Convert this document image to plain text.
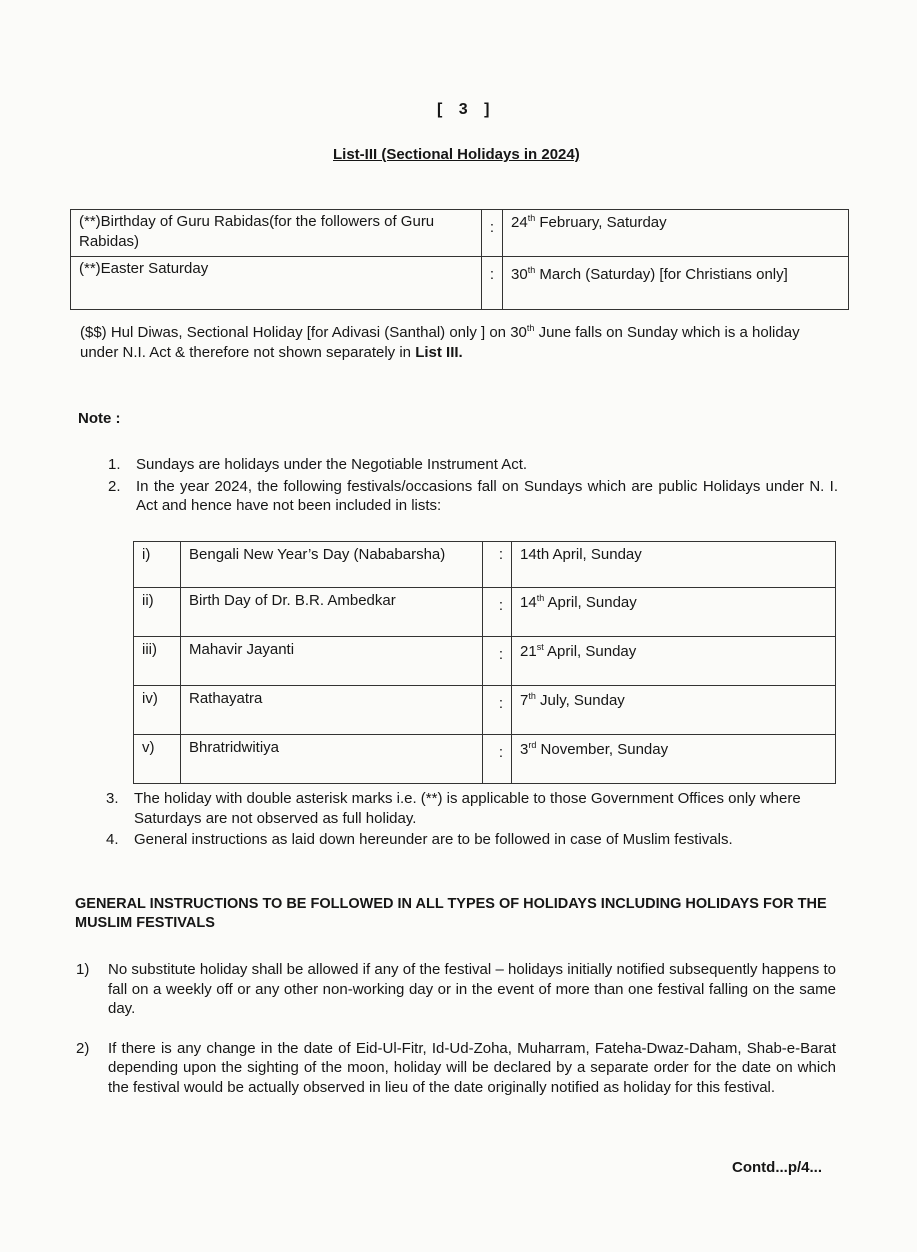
[ 3 ]
List-III (Sectional Holidays in 2024)
(**)Birthday of Guru Rabidas(for the followers of Guru Rabidas)	:	24th February, Saturday
(**)Easter Saturday	:	30th March (Saturday) [for Christians only]
($$) Hul Diwas, Sectional Holiday [for Adivasi (Santhal) only ] on 30th June falls on Sunday which is a holiday under N.I. Act & therefore not shown separately in List III.
Note :
1.	Sundays are holidays under the Negotiable Instrument Act.
2.	In the year 2024, the following festivals/occasions fall on Sundays which are public Holidays under N. I. Act and hence have not been included in lists:
i)	Bengali New Year’s Day (Nababarsha)	:	14th April, Sunday
ii)	Birth Day of Dr. B.R. Ambedkar	:	14th April, Sunday
iii)	Mahavir Jayanti	:	21st April, Sunday
iv)	Rathayatra	:	7th July, Sunday
v)	Bhratridwitiya	:	3rd November, Sunday
3.	The holiday with double asterisk marks i.e. (**) is applicable to those Government Offices only where Saturdays are not observed as full holiday.
4.	General instructions as laid down hereunder are to be followed in case of Muslim festivals.
GENERAL INSTRUCTIONS TO BE FOLLOWED IN ALL TYPES OF HOLIDAYS INCLUDING HOLIDAYS FOR THE MUSLIM FESTIVALS
1)	No substitute holiday shall be allowed if any of the festival – holidays initially notified subsequently happens to fall on a weekly off or any other non-working day or in the event of more than one festival falling on the same day.
2)	If there is any change in the date of Eid-Ul-Fitr, Id-Ud-Zoha, Muharram, Fateha-Dwaz-Daham, Shab-e-Barat depending upon the sighting of the moon, holiday will be declared by a separate order for the date on which the festival would be actually observed in lieu of the date originally notified as holiday for this festival.
Contd...p/4...
